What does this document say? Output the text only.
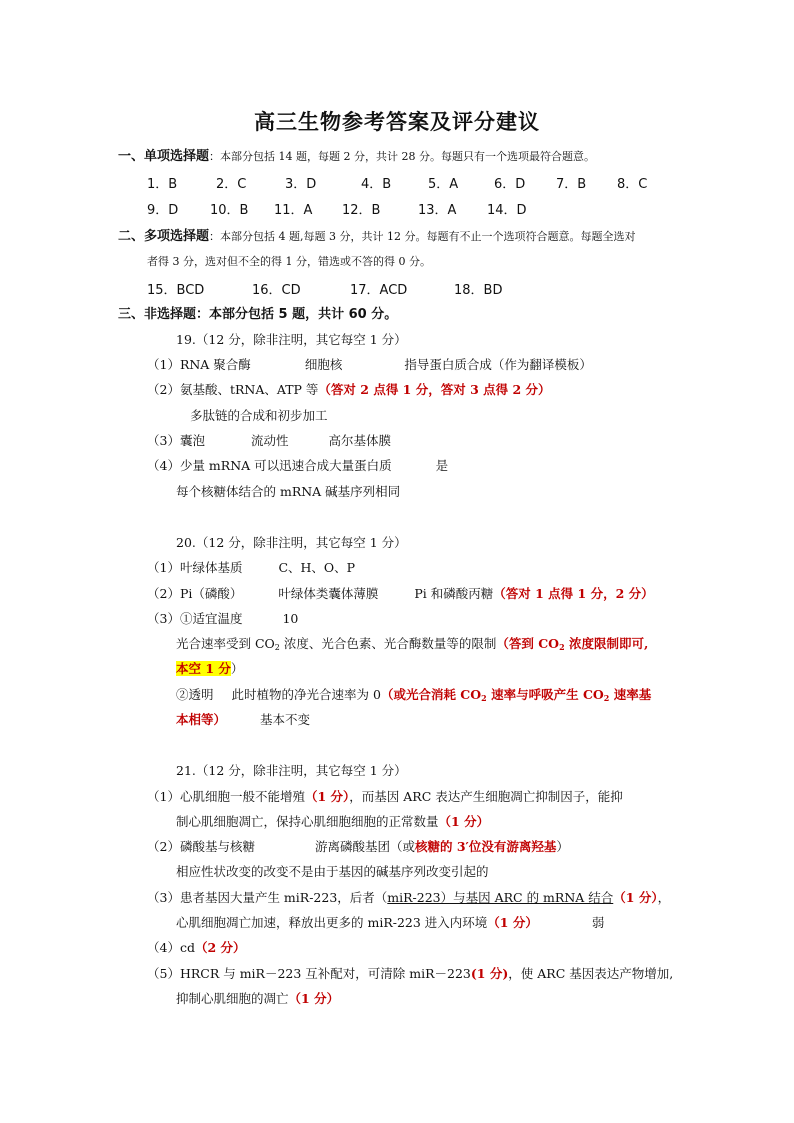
高三生物参考答案及评分建议
一、单项选择题：本部分包括 14 题，每题 2 分，共计 28 分。每题只有一个选项最符合题意。
1．B	2．C	3．D	4．B	5．A	6．D 7．B 8．C
9．D 10．B 11．A 12．B	13．A 14．D
二、多项选择题：本部分包括 4 题,每题 3 分，共计 12 分。每题有不止一个选项符合题意。每题全选对
者得 3 分，选对但不全的得 1 分，错选或不答的得 0 分。
15．BCD	16．CD	17．ACD	18．BD
三、非选择题：本部分包括 5 题，共计 60 分。
19.（12 分，除非注明，其它每空 1 分）
（1）RNA 聚合酶	细胞核	指导蛋白质合成（作为翻译模板）
（2）氨基酸、tRNA、ATP 等（答对 2 点得 1 分，答对 3 点得 2 分）
多肽链的合成和初步加工
（3）囊泡	流动性	高尔基体膜
（4）少量 mRNA 可以迅速合成大量蛋白质	是
每个核糖体结合的 mRNA 碱基序列相同
20.（12 分，除非注明，其它每空 1 分）
（1）叶绿体基质	C、H、O、P
（2）Pi（磷酸）	叶绿体类囊体薄膜	Pi 和磷酸丙糖（答对 1 点得 1 分，2 分）
（3）①适宜温度	10
光合速率受到 $CO_2$ 浓度、光合色素、光合酶数量等的限制（答到 $CO_2$ 浓度限制即可,
本空 1 分）
②透明 此时植物的净光合速率为 0（或光合消耗 $CO_2$ 速率与呼吸产生 $CO_2$ 速率基
本相等）	基本不变
21.（12 分，除非注明，其它每空 1 分）
（1）心肌细胞一般不能增殖（1 分），而基因 ARC 表达产生细胞凋亡抑制因子，能抑
制心肌细胞凋亡，保持心肌细胞细胞的正常数量（1 分）
（2）磷酸基与核糖	游离磷酸基团（或核糖的 3′位没有游离羟基）
相应性状改变的改变不是由于基因的碱基序列改变引起的
（3）患者基因大量产生 miR-223，后者（miR-223）与基因 ARC 的 mRNA 结合（1 分），
心肌细胞凋亡加速，释放出更多的 miR-223 进入内环境（1 分）	弱
（4）cd（2 分）
（5）HRCR 与 miR－223 互补配对，可清除 miR－223(1 分)，使 ARC 基因表达产物增加,
抑制心肌细胞的凋亡（1 分）
